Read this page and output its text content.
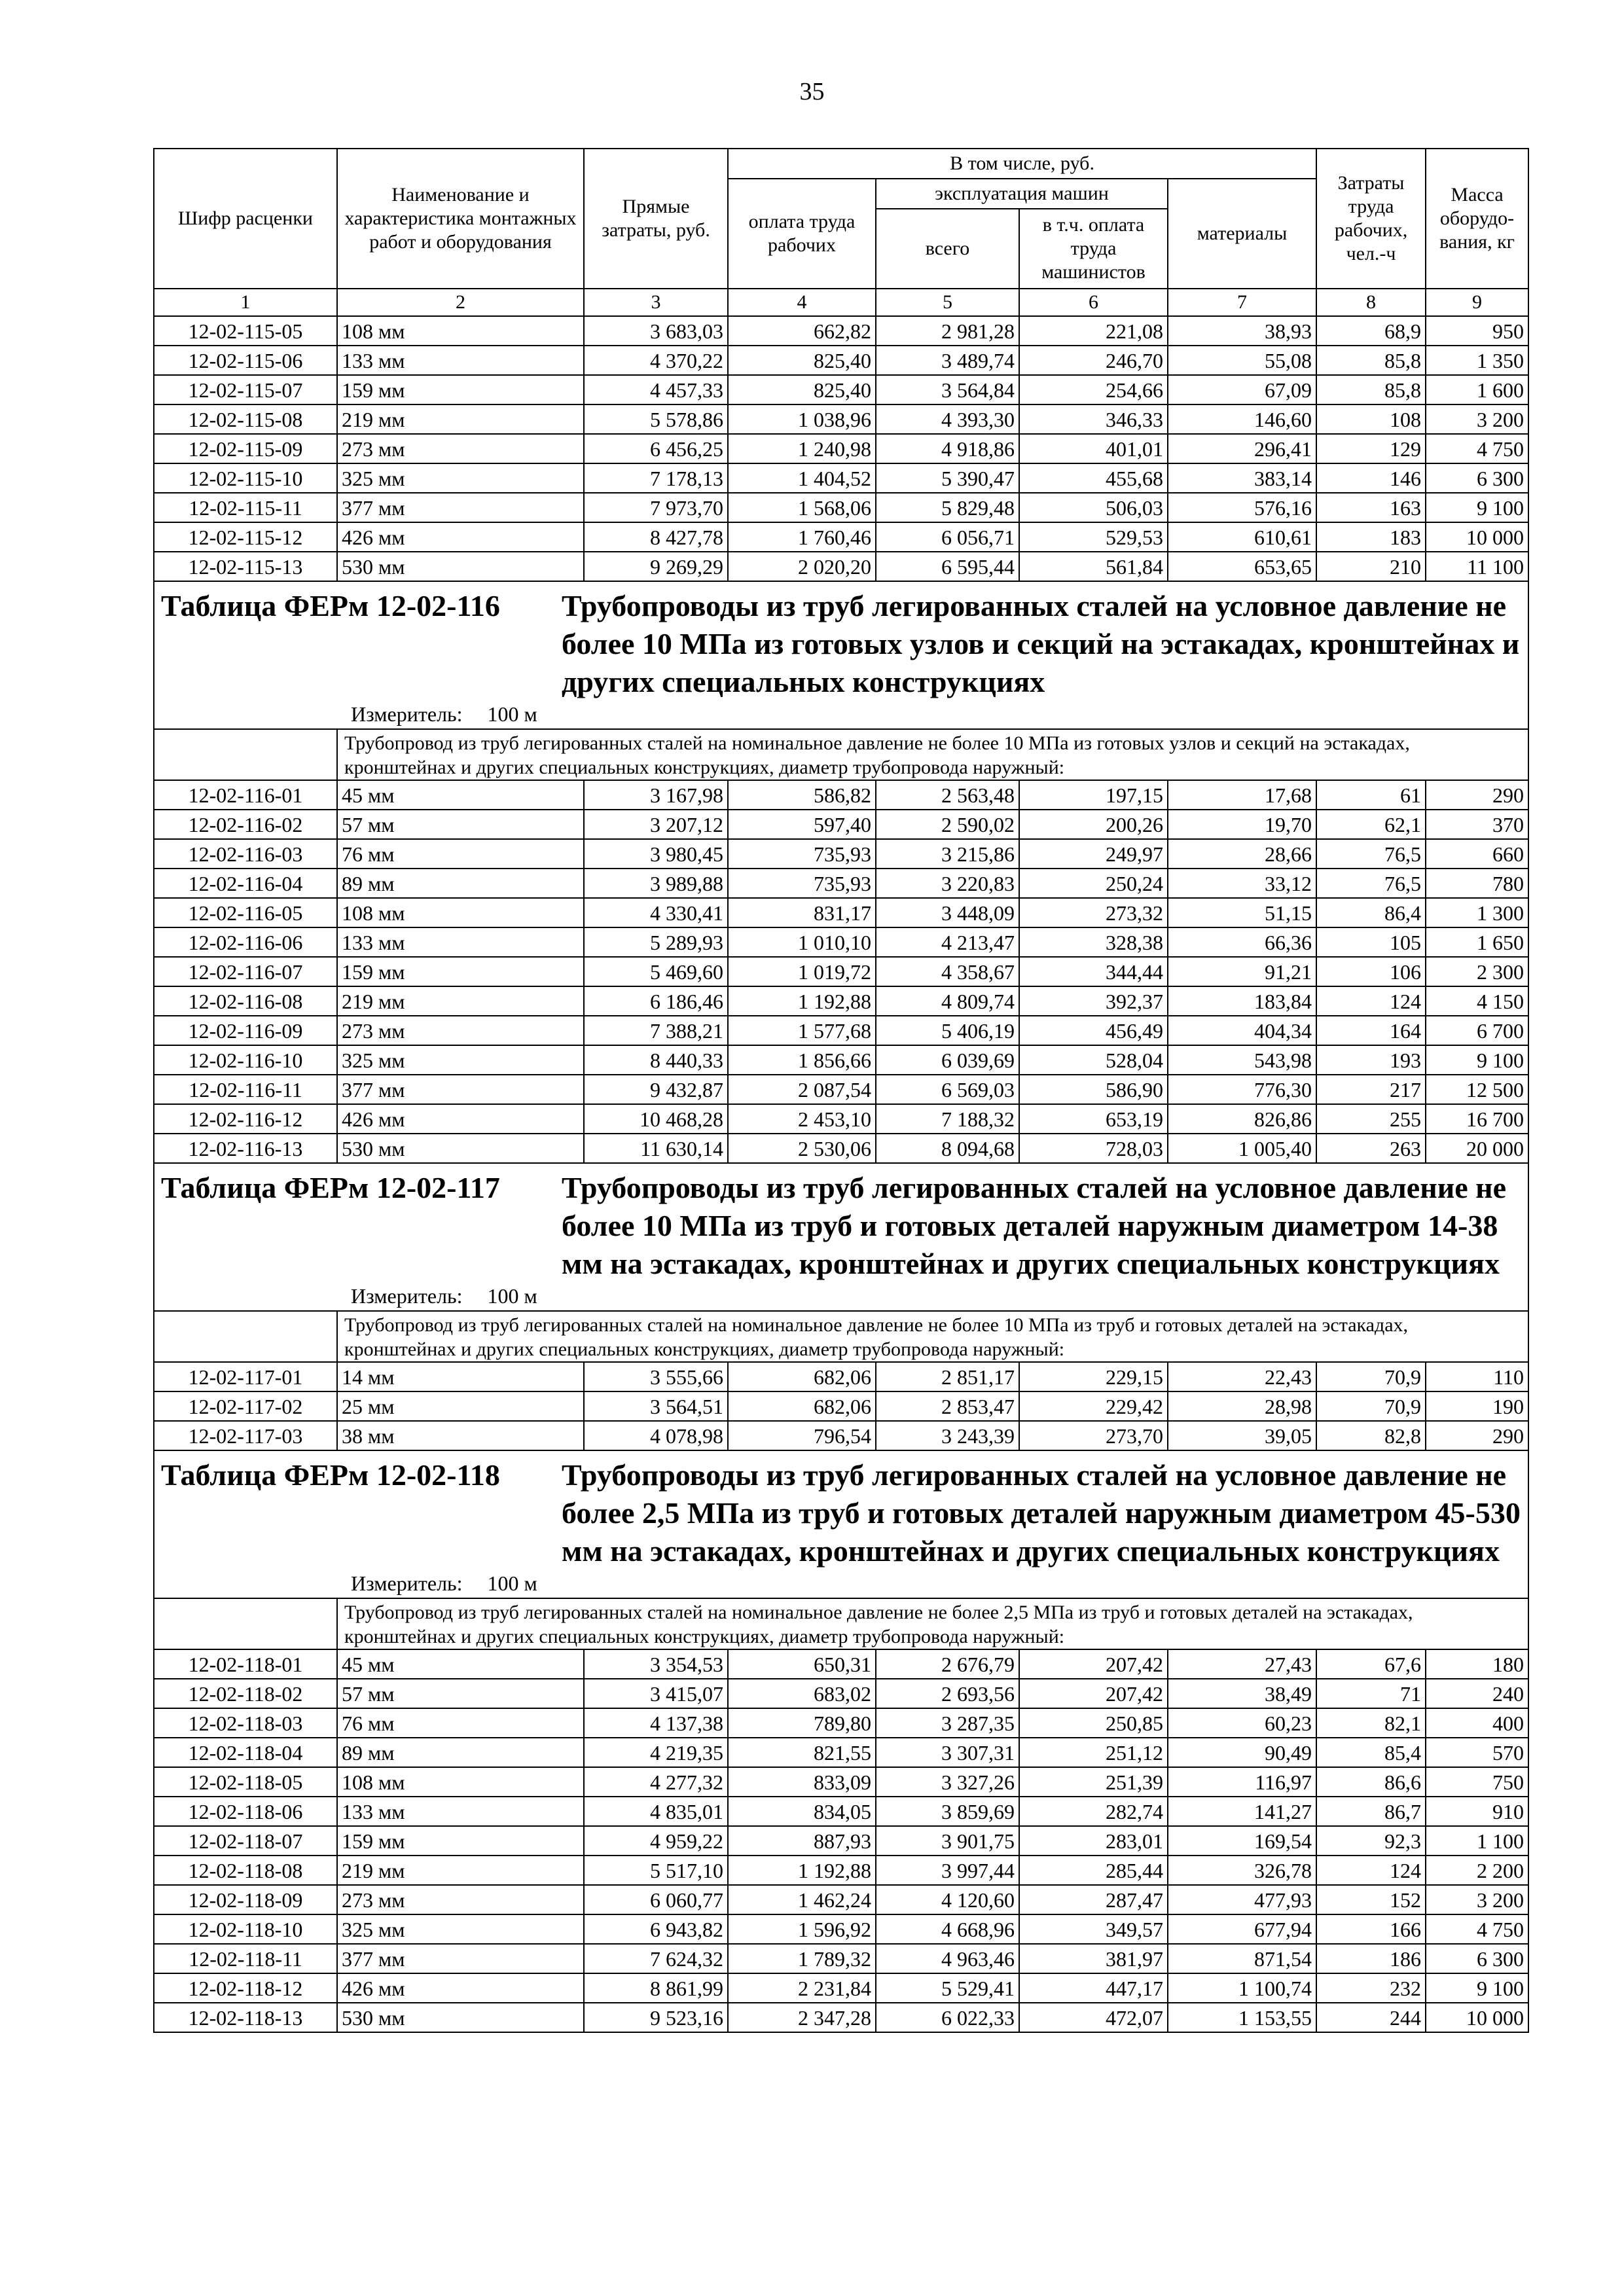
35
Шифр расценки	Наименование и характеристика монтажных работ и оборудования	Прямые затраты, руб.	В том числе, руб.				Затраты труда рабочих, чел.-ч	Масса оборудо-вания, кг
			оплата труда рабочих	эксплуатация машин		материалы		
				всего	в т.ч. оплата труда машинистов			
1	2	3	4	5	6	7	8	9
12-02-115-05	108 мм	3 683,03	662,82	2 981,28	221,08	38,93	68,9	950
12-02-115-06	133 мм	4 370,22	825,40	3 489,74	246,70	55,08	85,8	1 350
12-02-115-07	159 мм	4 457,33	825,40	3 564,84	254,66	67,09	85,8	1 600
12-02-115-08	219 мм	5 578,86	1 038,96	4 393,30	346,33	146,60	108	3 200
12-02-115-09	273 мм	6 456,25	1 240,98	4 918,86	401,01	296,41	129	4 750
12-02-115-10	325 мм	7 178,13	1 404,52	5 390,47	455,68	383,14	146	6 300
12-02-115-11	377 мм	7 973,70	1 568,06	5 829,48	506,03	576,16	163	9 100
12-02-115-12	426 мм	8 427,78	1 760,46	6 056,71	529,53	610,61	183	10 000
12-02-115-13	530 мм	9 269,29	2 020,20	6 595,44	561,84	653,65	210	11 100

Таблица ФЕРм 12-02-116 Трубопроводы из труб легированных сталей на условное давление не более 10 МПа из готовых узлов и секций на эстакадах, кронштейнах и других специальных конструкциях
Измеритель: 100 м								

	Трубопровод из труб легированных сталей на номинальное давление не более 10 МПа из готовых узлов и секций на эстакадах, кронштейнах и других специальных конструкциях, диаметр трубопровода наружный:							
12-02-116-01	45 мм	3 167,98	586,82	2 563,48	197,15	17,68	61	290
12-02-116-02	57 мм	3 207,12	597,40	2 590,02	200,26	19,70	62,1	370
12-02-116-03	76 мм	3 980,45	735,93	3 215,86	249,97	28,66	76,5	660
12-02-116-04	89 мм	3 989,88	735,93	3 220,83	250,24	33,12	76,5	780
12-02-116-05	108 мм	4 330,41	831,17	3 448,09	273,32	51,15	86,4	1 300
12-02-116-06	133 мм	5 289,93	1 010,10	4 213,47	328,38	66,36	105	1 650
12-02-116-07	159 мм	5 469,60	1 019,72	4 358,67	344,44	91,21	106	2 300
12-02-116-08	219 мм	6 186,46	1 192,88	4 809,74	392,37	183,84	124	4 150
12-02-116-09	273 мм	7 388,21	1 577,68	5 406,19	456,49	404,34	164	6 700
12-02-116-10	325 мм	8 440,33	1 856,66	6 039,69	528,04	543,98	193	9 100
12-02-116-11	377 мм	9 432,87	2 087,54	6 569,03	586,90	776,30	217	12 500
12-02-116-12	426 мм	10 468,28	2 453,10	7 188,32	653,19	826,86	255	16 700
12-02-116-13	530 мм	11 630,14	2 530,06	8 094,68	728,03	1 005,40	263	20 000

Таблица ФЕРм 12-02-117 Трубопроводы из труб легированных сталей на условное давление не более 10 МПа из труб и готовых деталей наружным диаметром 14-38 мм на эстакадах, кронштейнах и других специальных конструкциях
Измеритель: 100 м								

	Трубопровод из труб легированных сталей на номинальное давление не более 10 МПа из труб и готовых деталей на эстакадах, кронштейнах и других специальных конструкциях, диаметр трубопровода наружный:							
12-02-117-01	14 мм	3 555,66	682,06	2 851,17	229,15	22,43	70,9	110
12-02-117-02	25 мм	3 564,51	682,06	2 853,47	229,42	28,98	70,9	190
12-02-117-03	38 мм	4 078,98	796,54	3 243,39	273,70	39,05	82,8	290

Таблица ФЕРм 12-02-118 Трубопроводы из труб легированных сталей на условное давление не более 2,5 МПа из труб и готовых деталей наружным диаметром 45-530 мм на эстакадах, кронштейнах и других специальных конструкциях
Измеритель: 100 м								

	Трубопровод из труб легированных сталей на номинальное давление не более 2,5 МПа из труб и готовых деталей на эстакадах, кронштейнах и других специальных конструкциях, диаметр трубопровода наружный:							
12-02-118-01	45 мм	3 354,53	650,31	2 676,79	207,42	27,43	67,6	180
12-02-118-02	57 мм	3 415,07	683,02	2 693,56	207,42	38,49	71	240
12-02-118-03	76 мм	4 137,38	789,80	3 287,35	250,85	60,23	82,1	400
12-02-118-04	89 мм	4 219,35	821,55	3 307,31	251,12	90,49	85,4	570
12-02-118-05	108 мм	4 277,32	833,09	3 327,26	251,39	116,97	86,6	750
12-02-118-06	133 мм	4 835,01	834,05	3 859,69	282,74	141,27	86,7	910
12-02-118-07	159 мм	4 959,22	887,93	3 901,75	283,01	169,54	92,3	1 100
12-02-118-08	219 мм	5 517,10	1 192,88	3 997,44	285,44	326,78	124	2 200
12-02-118-09	273 мм	6 060,77	1 462,24	4 120,60	287,47	477,93	152	3 200
12-02-118-10	325 мм	6 943,82	1 596,92	4 668,96	349,57	677,94	166	4 750
12-02-118-11	377 мм	7 624,32	1 789,32	4 963,46	381,97	871,54	186	6 300
12-02-118-12	426 мм	8 861,99	2 231,84	5 529,41	447,17	1 100,74	232	9 100
12-02-118-13	530 мм	9 523,16	2 347,28	6 022,33	472,07	1 153,55	244	10 000
